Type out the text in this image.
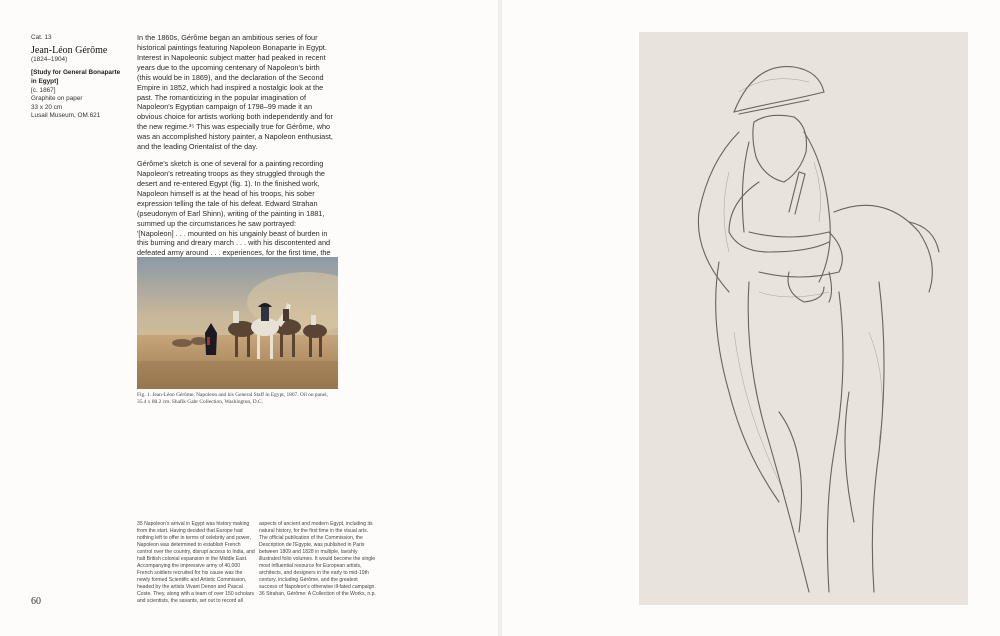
Cat. 13

Jean-Léon Gérôme

(1824–1904)

[Study for General Bonaparte in Egypt]

[c. 1867]

Graphite on paper

33 x 20 cm

Lusail Museum, OM.621

In the 1860s, Gérôme began an ambitious series of four historical paintings featuring Napoleon Bonaparte in Egypt. Interest in Napoleonic subject matter had peaked in recent years due to the upcoming centenary of Napoleon's birth (this would be in 1869), and the declaration of the Second Empire in 1852, which had inspired a nostalgic look at the past. The romanticizing in the popular imagination of Napoleon's Egyptian campaign of 1798–99 made it an obvious choice for artists working both independently and for the new regime.³⁵ This was especially true for Gérôme, who was an accomplished history painter, a Napoleon enthusiast, and the leading Orientalist of the day.

Gérôme's sketch is one of several for a painting recording Napoleon's retreating troops as they struggled through the desert and re-entered Egypt (fig. 1). In the finished work, Napoleon himself is at the head of his troops, his sober expression telling the tale of his defeat. Edward Strahan (pseudonym of Earl Shinn), writing of the painting in 1881, summed up the circumstances he saw portrayed: '[Napoleon] . . . mounted on his ungainly beast of burden in this burning and dreary march . . . with his discontented and defeated army around . . . experiences, for the first time, the

Fig. 1. Jean-Léon Gérôme, Napoleon and his General Staff in Egypt, 1867. Oil on panel, 35.4 x 88.2 cm. Shafik Gabr Collection, Washington, D.C.

35 Napoleon's arrival in Egypt was history making from the start. Having decided that Europe had nothing left to offer in terms of celebrity and power, Napoleon was determined to establish French control over the country, disrupt access to India, and halt British colonial expansion in the Middle East. Accompanying the impressive army of 40,000 French soldiers recruited for his cause was the newly formed Scientific and Artistic Commission, headed by the artists Vivant Denon and Pascal Coste. They, along with a team of over 150 scholars and scientists, the savants, set out to record all

aspects of ancient and modern Egypt, including its natural history, for the first time in the visual arts. The official publication of the Commission, the Description de l'Egypte, was published in Paris between 1809 and 1828 in multiple, lavishly illustrated folio volumes. It would become the single most influential resource for European artists, architects, and designers in the early to mid-19th century, including Gérôme, and the greatest success of Napoleon's otherwise ill-fated campaign.

36 Strahan, Gérôme: A Collection of the Works, n.p.

60
